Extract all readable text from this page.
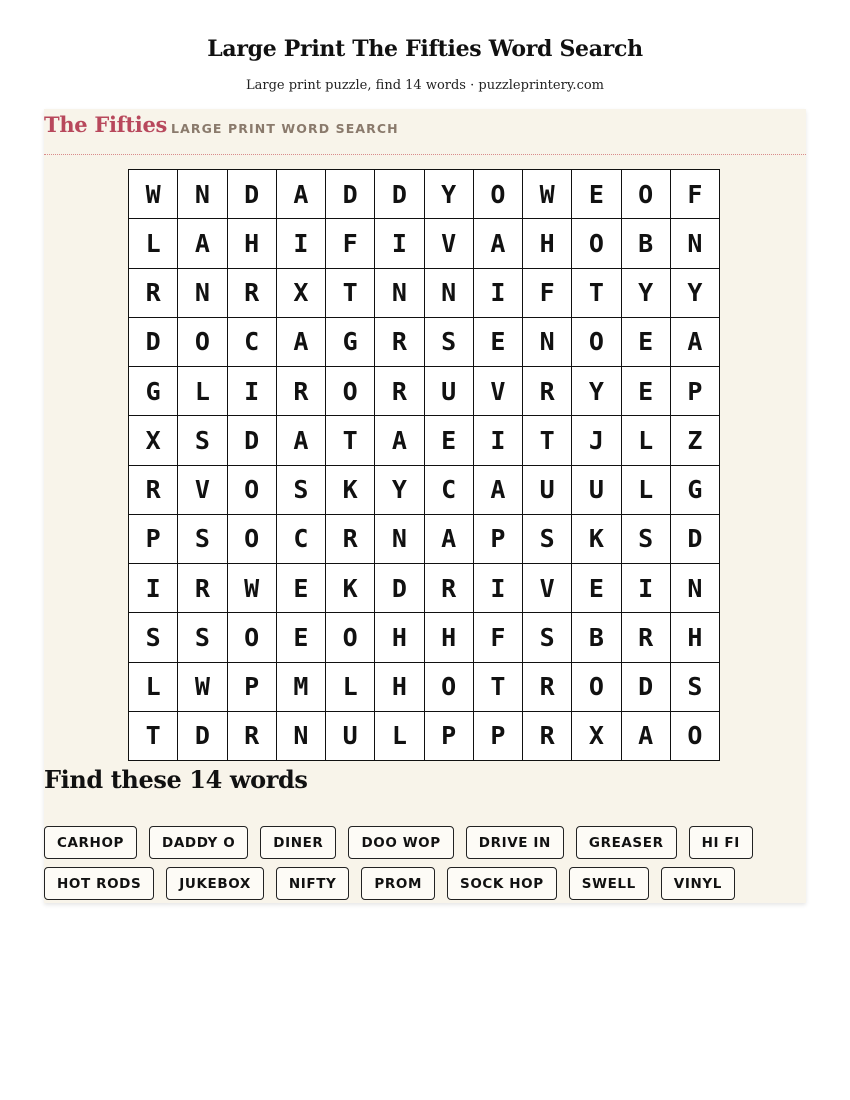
Large Print The Fifties Word Search
Large print puzzle, find 14 words · puzzleprintery.com
The Fifties LARGE PRINT WORD SEARCH
W	N	D	A	D	D	Y	O	W	E	O	F
L	A	H	I	F	I	V	A	H	O	B	N
R	N	R	X	T	N	N	I	F	T	Y	Y
D	O	C	A	G	R	S	E	N	O	E	A
G	L	I	R	O	R	U	V	R	Y	E	P
X	S	D	A	T	A	E	I	T	J	L	Z
R	V	O	S	K	Y	C	A	U	U	L	G
P	S	O	C	R	N	A	P	S	K	S	D
I	R	W	E	K	D	R	I	V	E	I	N
S	S	O	E	O	H	H	F	S	B	R	H
L	W	P	M	L	H	O	T	R	O	D	S
T	D	R	N	U	L	P	P	R	X	A	O
Find these 14 words
CARHOP	DADDY O	DINER	DOO WOP	DRIVE IN	GREASER	HI FI
HOT RODS	JUKEBOX	NIFTY	PROM	SOCK HOP	SWELL	VINYL
